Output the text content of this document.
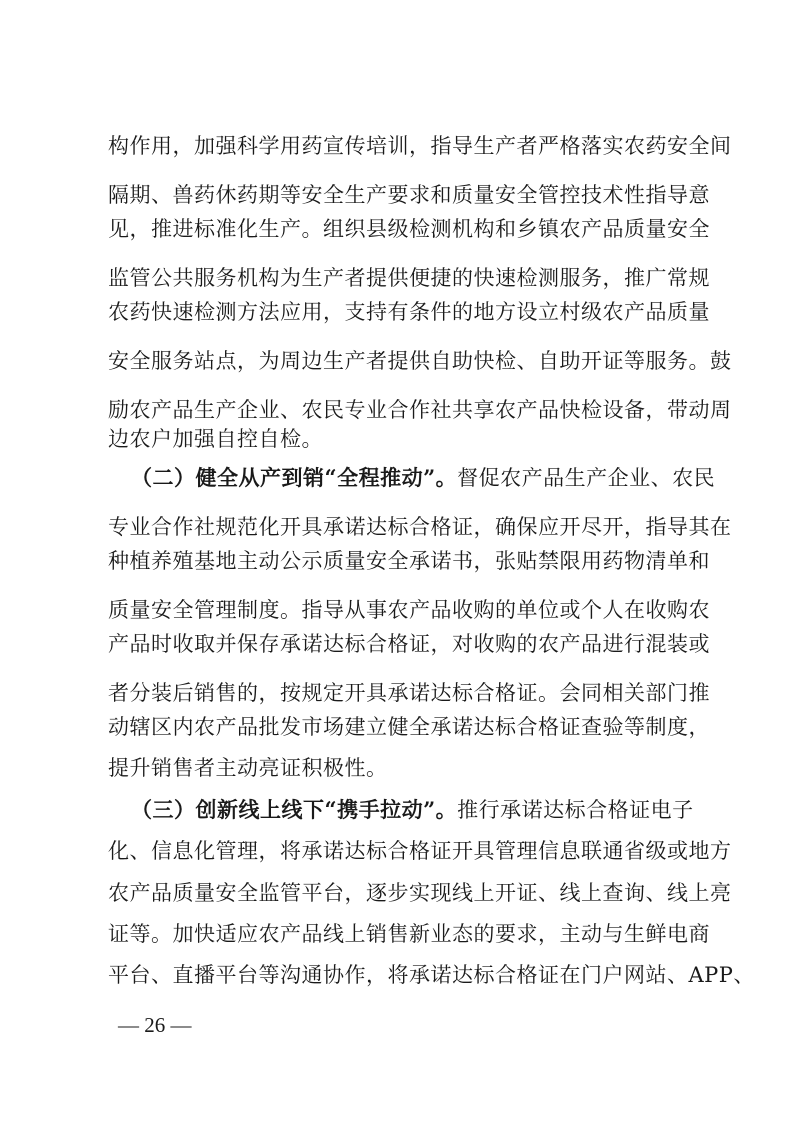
构作用，加强科学用药宣传培训，指导生产者严格落实农药安全间
隔期、兽药休药期等安全生产要求和质量安全管控技术性指导意
见，推进标准化生产。组织县级检测机构和乡镇农产品质量安全
监管公共服务机构为生产者提供便捷的快速检测服务，推广常规
农药快速检测方法应用，支持有条件的地方设立村级农产品质量
安全服务站点，为周边生产者提供自助快检、自助开证等服务。鼓
励农产品生产企业、农民专业合作社共享农产品快检设备，带动周
边农户加强自控自检。
（二）健全从产到销“全程推动”。督促农产品生产企业、农民
专业合作社规范化开具承诺达标合格证，确保应开尽开，指导其在
种植养殖基地主动公示质量安全承诺书，张贴禁限用药物清单和
质量安全管理制度。指导从事农产品收购的单位或个人在收购农
产品时收取并保存承诺达标合格证，对收购的农产品进行混装或
者分装后销售的，按规定开具承诺达标合格证。会同相关部门推
动辖区内农产品批发市场建立健全承诺达标合格证查验等制度，
提升销售者主动亮证积极性。
（三）创新线上线下“携手拉动”。推行承诺达标合格证电子
化、信息化管理，将承诺达标合格证开具管理信息联通省级或地方
农产品质量安全监管平台，逐步实现线上开证、线上查询、线上亮
证等。加快适应农产品线上销售新业态的要求，主动与生鲜电商
平台、直播平台等沟通协作，将承诺达标合格证在门户网站、APP、
— 26 —
